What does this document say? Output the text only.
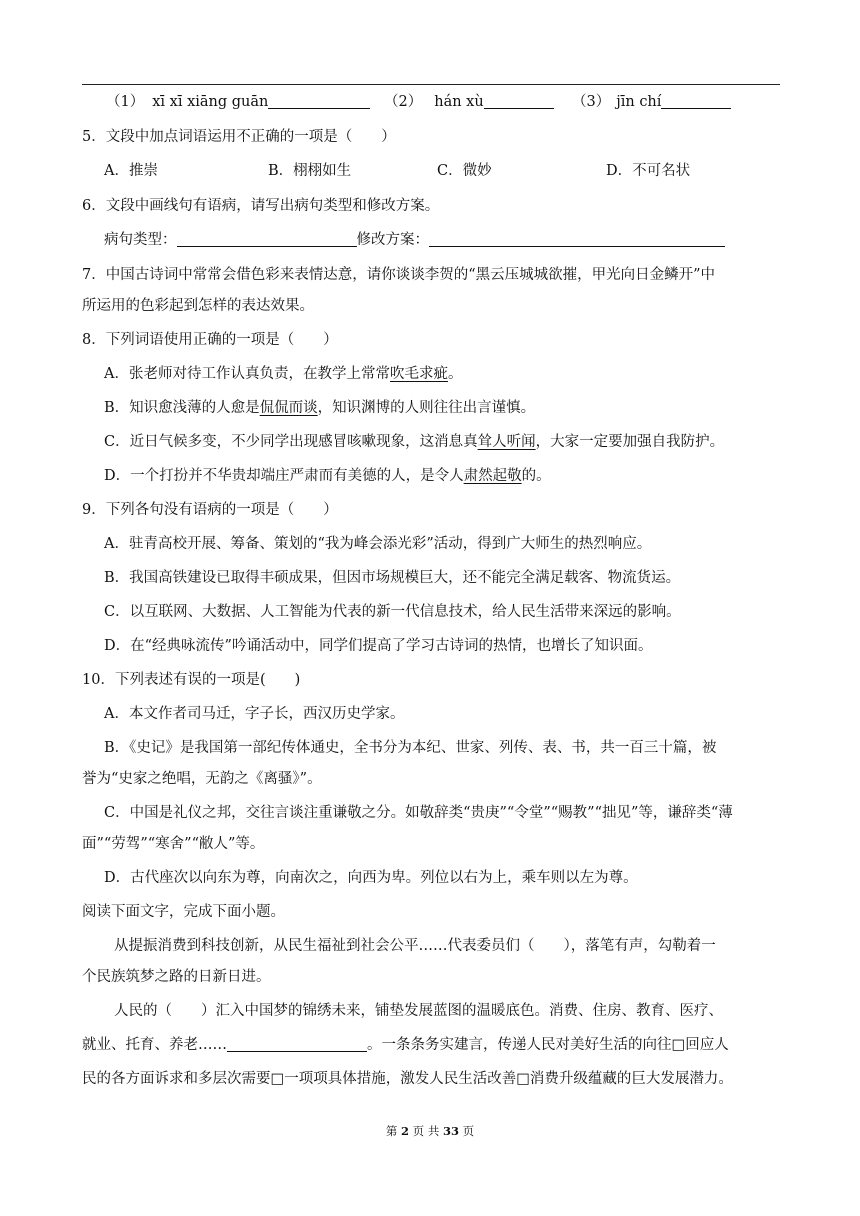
（1） xī xī xiāng guān	（2） hán xù	（3） jīn chí
5．文段中加点词语运用不正确的一项是（　　）
A．推崇	B．栩栩如生	C．微妙	D．不可名状
6．文段中画线句有语病，请写出病句类型和修改方案。
病句类型：	修改方案：
7．中国古诗词中常常会借色彩来表情达意，请你谈谈李贺的“黑云压城城欲摧，甲光向日金鳞开”中
所运用的色彩起到怎样的表达效果。
8．下列词语使用正确的一项是（　　）
A．张老师对待工作认真负责，在教学上常常吹毛求疵。
B．知识愈浅薄的人愈是侃侃而谈，知识渊博的人则往往出言谨慎。
C．近日气候多变，不少同学出现感冒咳嗽现象，这消息真耸人听闻，大家一定要加强自我防护。
D．一个打扮并不华贵却端庄严肃而有美德的人，是令人肃然起敬的。
9．下列各句没有语病的一项是（　　）
A．驻青高校开展、筹备、策划的“我为峰会添光彩”活动，得到广大师生的热烈响应。
B．我国高铁建设已取得丰硕成果，但因市场规模巨大，还不能完全满足载客、物流货运。
C．以互联网、大数据、人工智能为代表的新一代信息技术，给人民生活带来深远的影响。
D．在“经典咏流传”吟诵活动中，同学们提高了学习古诗词的热情，也增长了知识面。
10．下列表述有误的一项是(　　)
A．本文作者司马迁，字子长，西汉历史学家。
B．《史记》是我国第一部纪传体通史，全书分为本纪、世家、列传、表、书，共一百三十篇，被
誉为“史家之绝唱，无韵之《离骚》”。
C．中国是礼仪之邦，交往言谈注重谦敬之分。如敬辞类“贵庚”“令堂”“赐教”“拙见”等，谦辞类“薄
面”“劳驾”“寒舍”“敝人”等。
D．古代座次以向东为尊，向南次之，向西为卑。列位以右为上，乘车则以左为尊。
阅读下面文字，完成下面小题。
从提振消费到科技创新，从民生福祉到社会公平……代表委员们（　　），落笔有声，勾勒着一
个民族筑梦之路的日新日进。
人民的（　　）汇入中国梦的锦绣未来，铺垫发展蓝图的温暖底色。消费、住房、教育、医疗、
就业、托育、养老……	。一条条务实建言，传递人民对美好生活的向往□回应人
民的各方面诉求和多层次需要□一项项具体措施，激发人民生活改善□消费升级蕴藏的巨大发展潜力。
第 2 页 共 33 页
